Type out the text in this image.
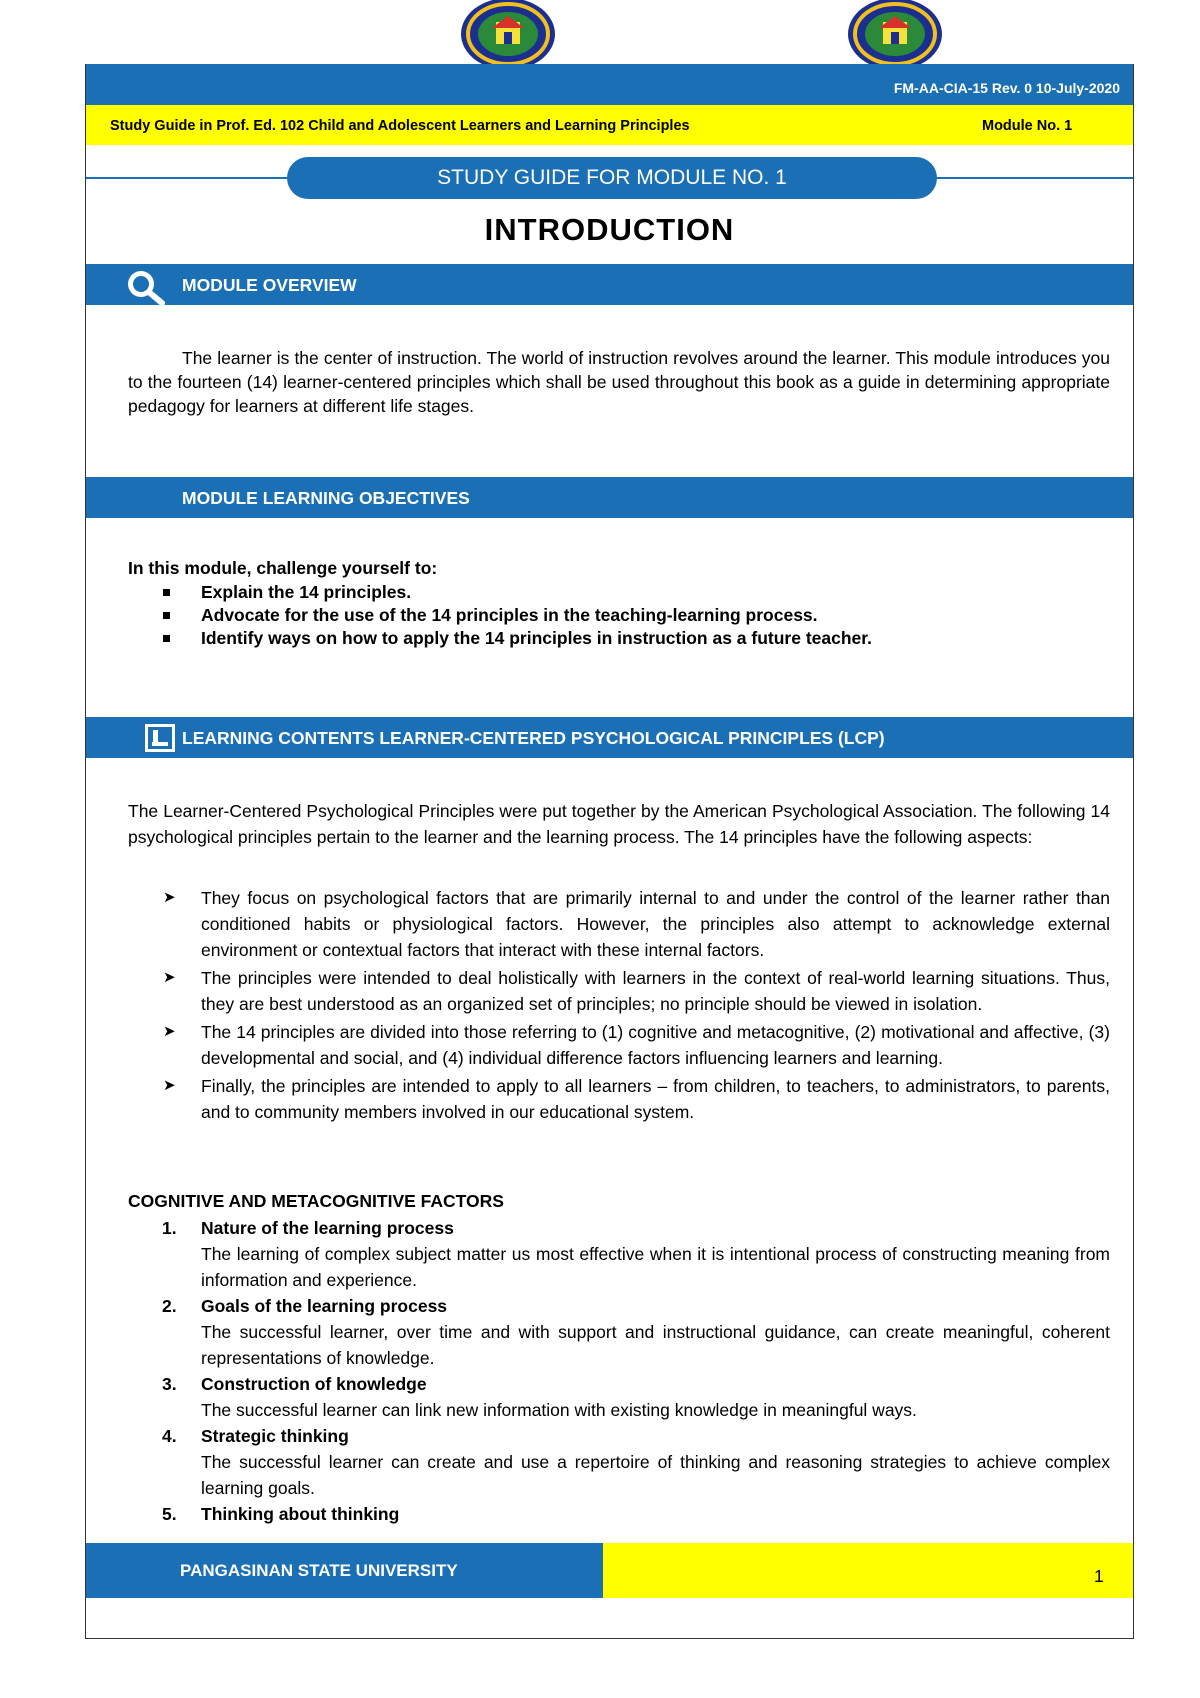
FM-AA-CIA-15 Rev. 0 10-July-2020
Study Guide in Prof. Ed. 102 Child and Adolescent Learners and Learning Principles	Module No. 1
STUDY GUIDE FOR MODULE NO. 1
INTRODUCTION
MODULE OVERVIEW
The learner is the center of instruction. The world of instruction revolves around the learner. This module introduces you to the fourteen (14) learner-centered principles which shall be used throughout this book as a guide in determining appropriate pedagogy for learners at different life stages.
MODULE LEARNING OBJECTIVES
In this module, challenge yourself to:
Explain the 14 principles.
Advocate for the use of the 14 principles in the teaching-learning process.
Identify ways on how to apply the 14 principles in instruction as a future teacher.
LEARNING CONTENTS LEARNER-CENTERED PSYCHOLOGICAL PRINCIPLES (LCP)
The Learner-Centered Psychological Principles were put together by the American Psychological Association. The following 14 psychological principles pertain to the learner and the learning process. The 14 principles have the following aspects:
➤ They focus on psychological factors that are primarily internal to and under the control of the learner rather than conditioned habits or physiological factors. However, the principles also attempt to acknowledge external environment or contextual factors that interact with these internal factors.
➤ The principles were intended to deal holistically with learners in the context of real-world learning situations. Thus, they are best understood as an organized set of principles; no principle should be viewed in isolation.
➤ The 14 principles are divided into those referring to (1) cognitive and metacognitive, (2) motivational and affective, (3) developmental and social, and (4) individual difference factors influencing learners and learning.
➤ Finally, the principles are intended to apply to all learners – from children, to teachers, to administrators, to parents, and to community members involved in our educational system.
COGNITIVE AND METACOGNITIVE FACTORS
1. Nature of the learning process
The learning of complex subject matter us most effective when it is intentional process of constructing meaning from information and experience.
2. Goals of the learning process
The successful learner, over time and with support and instructional guidance, can create meaningful, coherent representations of knowledge.
3. Construction of knowledge
The successful learner can link new information with existing knowledge in meaningful ways.
4. Strategic thinking
The successful learner can create and use a repertoire of thinking and reasoning strategies to achieve complex learning goals.
5. Thinking about thinking
PANGASINAN STATE UNIVERSITY	1
